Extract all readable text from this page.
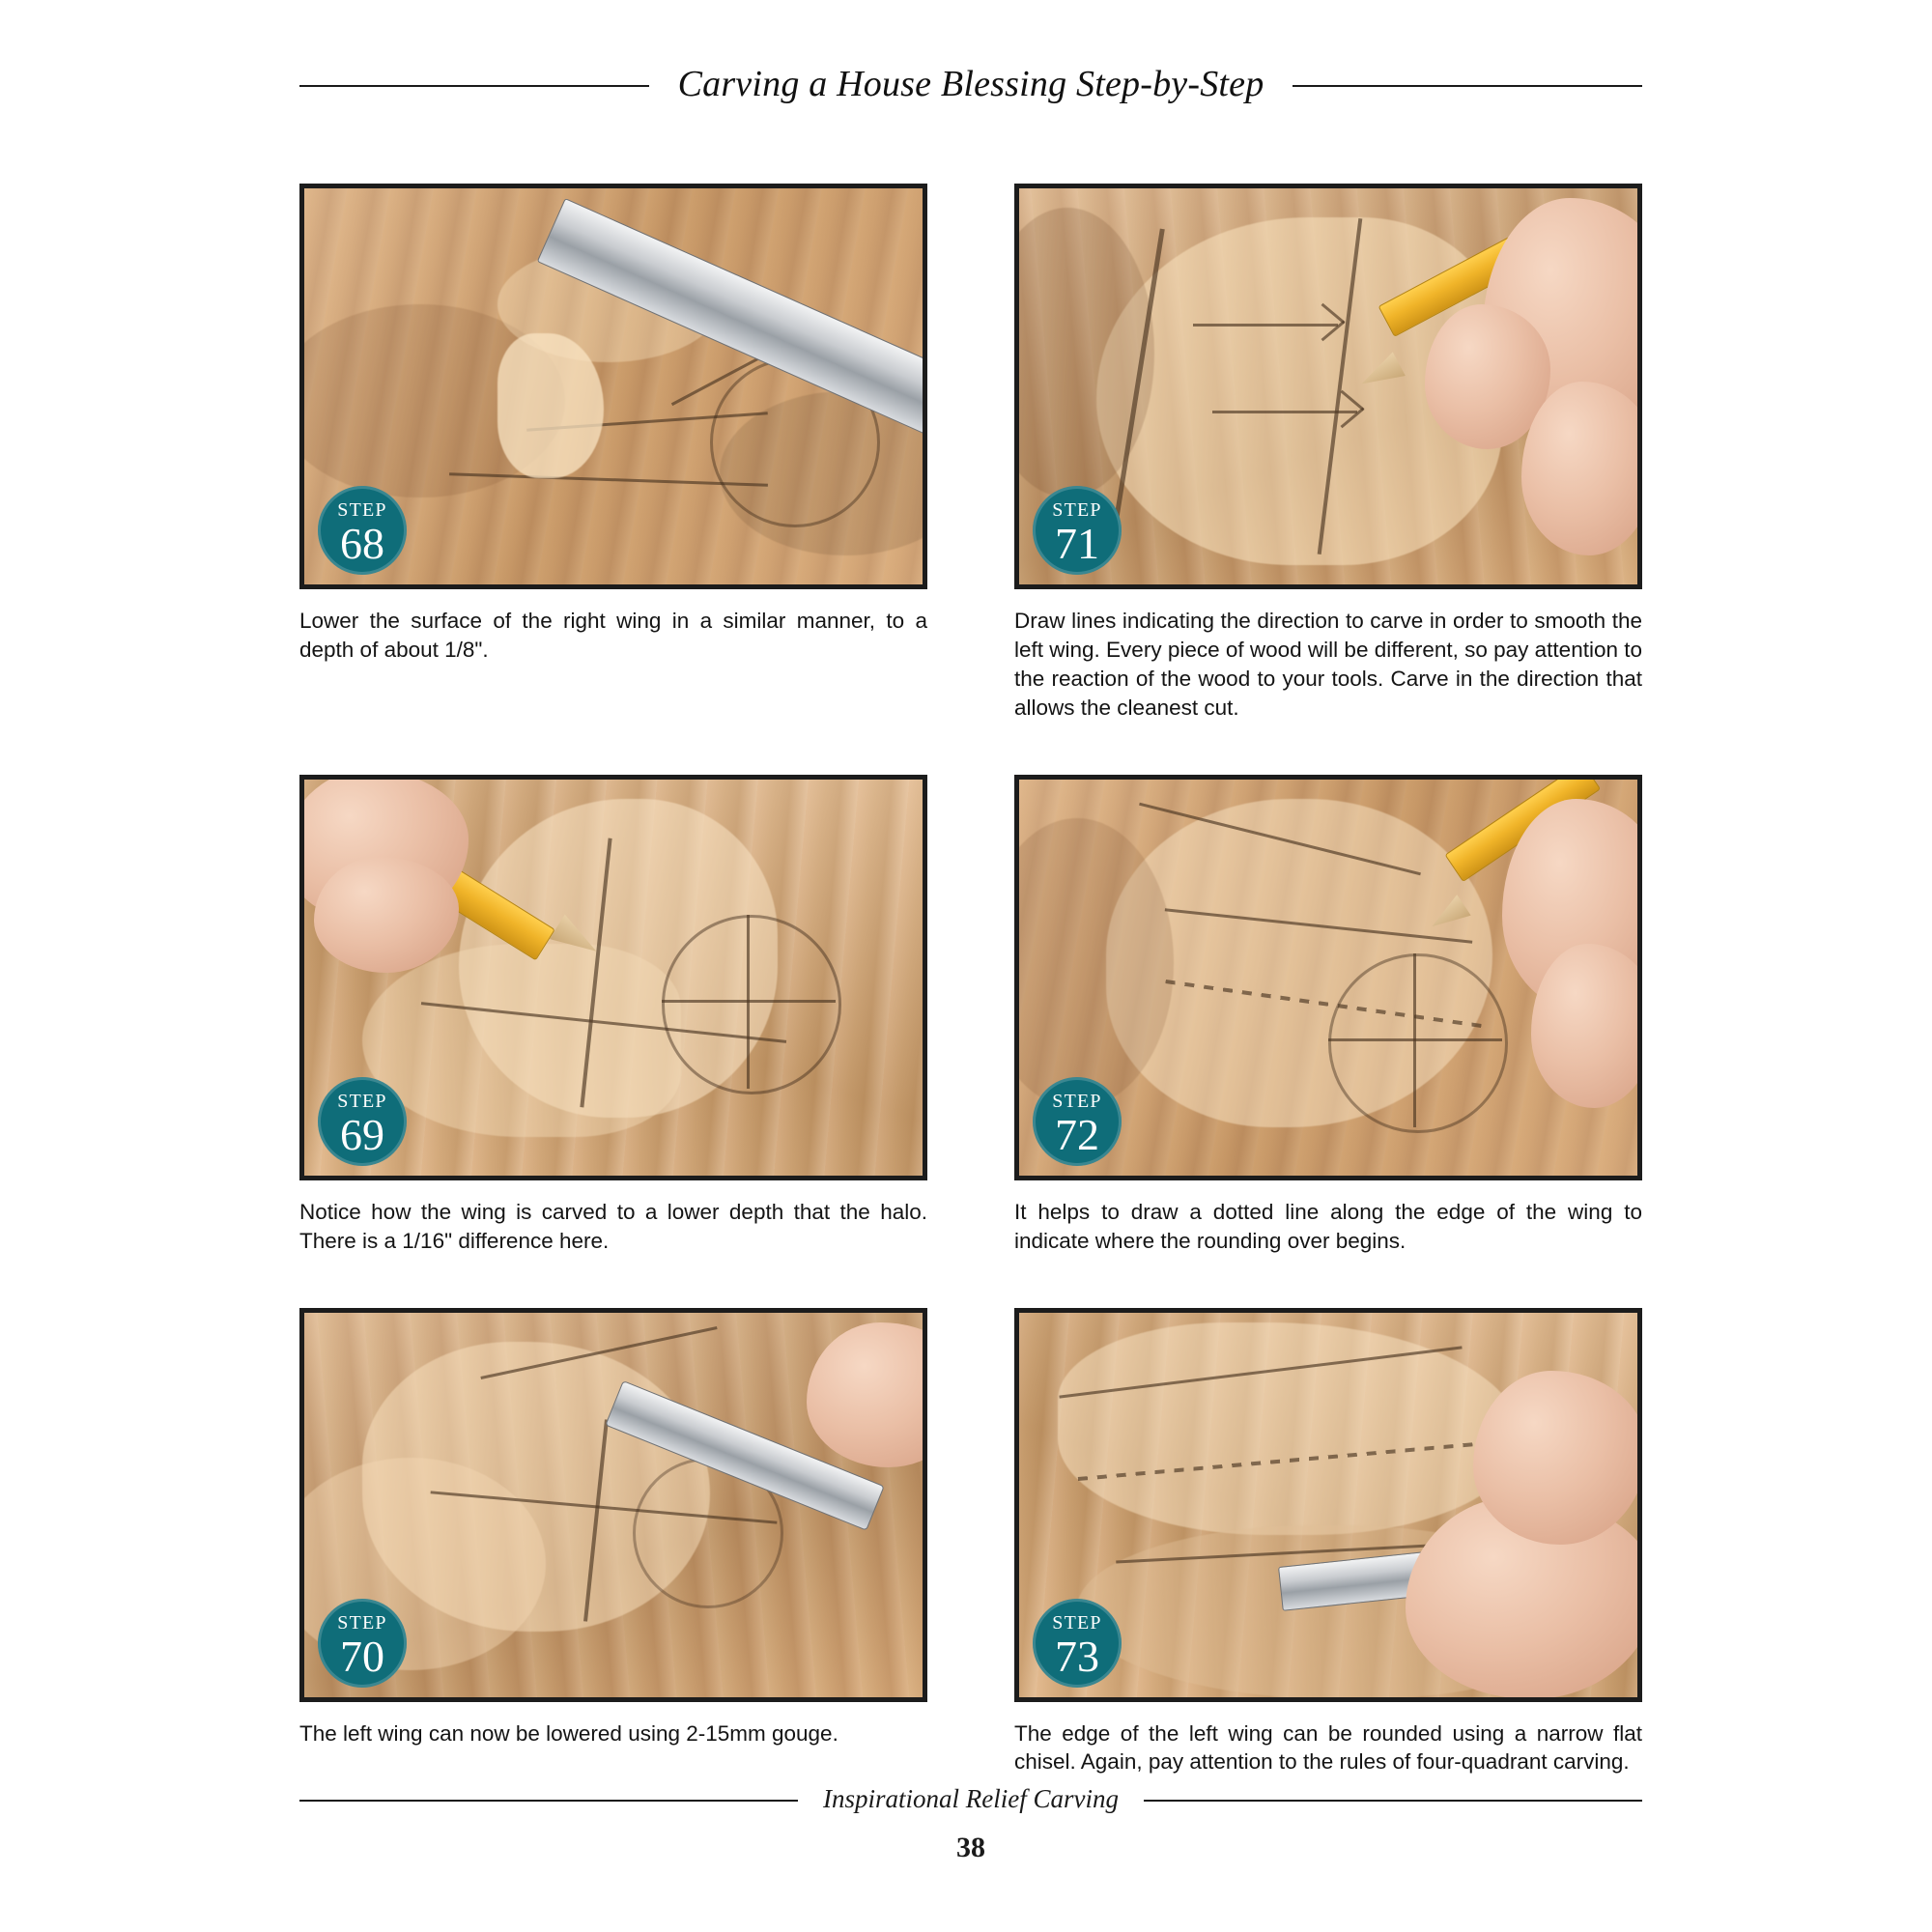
Carving a House Blessing Step-by-Step
STEP
68
Lower the surface of the right wing in a similar manner, to a depth of about 1/8".
STEP
71
Draw lines indicating the direction to carve in order to smooth the left wing. Every piece of wood will be different, so pay attention to the reaction of the wood to your tools. Carve in the direction that allows the cleanest cut.
STEP
69
Notice how the wing is carved to a lower depth that the halo. There is a 1/16" difference here.
STEP
72
It helps to draw a dotted line along the edge of the wing to indicate where the rounding over begins.
STEP
70
The left wing can now be lowered using 2-15mm gouge.
STEP
73
The edge of the left wing can be rounded using a narrow flat chisel. Again, pay attention to the rules of four-quadrant carving.
Inspirational Relief Carving
38
